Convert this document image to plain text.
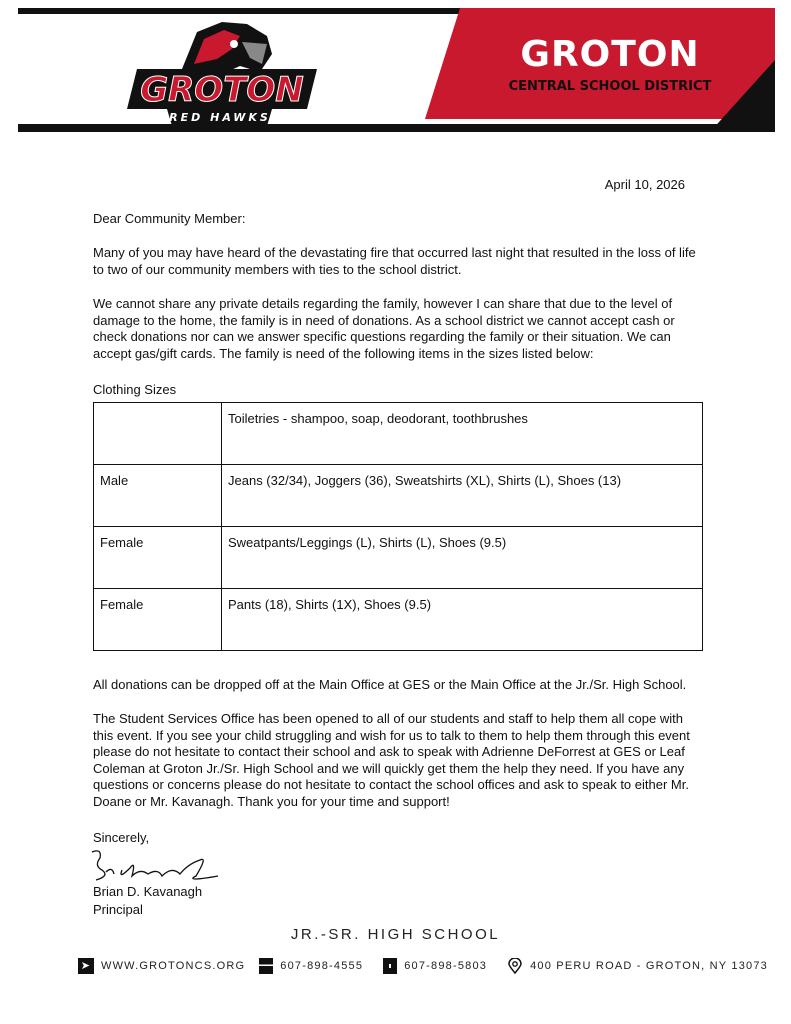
GROTON
RED HAWKS
GROTON
CENTRAL SCHOOL DISTRICT
April 10, 2026
Dear Community Member:
Many of you may have heard of the devastating fire that occurred last night that resulted in the loss of life to two of our community members with ties to the school district.
We cannot share any private details regarding the family, however I can share that due to the level of damage to the home, the family is in need of donations. As a school district we cannot accept cash or check donations nor can we answer specific questions regarding the family or their situation. We can accept gas/gift cards. The family is need of the following items in the sizes listed below:
Clothing Sizes
	Toiletries - shampoo, soap, deodorant, toothbrushes
Male	Jeans (32/34), Joggers (36), Sweatshirts (XL), Shirts (L), Shoes (13)
Female	Sweatpants/Leggings (L), Shirts (L), Shoes (9.5)
Female	Pants (18), Shirts (1X), Shoes (9.5)
All donations can be dropped off at the Main Office at GES or the Main Office at the Jr./Sr. High School.
The Student Services Office has been opened to all of our students and staff to help them all cope with this event. If you see your child struggling and wish for us to talk to them to help them through this event please do not hesitate to contact their school and ask to speak with Adrienne DeForrest at GES or Leaf Coleman at Groton Jr./Sr. High School and we will quickly get them the help they need. If you have any questions or concerns please do not hesitate to contact the school offices and ask to speak to either Mr. Doane or Mr. Kavanagh. Thank you for your time and support!
Sincerely,
Brian D. Kavanagh
Principal
JR.-SR. HIGH SCHOOL
➤ WWW.GROTONCS.ORG	607-898-4555	607-898-5803	400 PERU ROAD - GROTON, NY 13073
